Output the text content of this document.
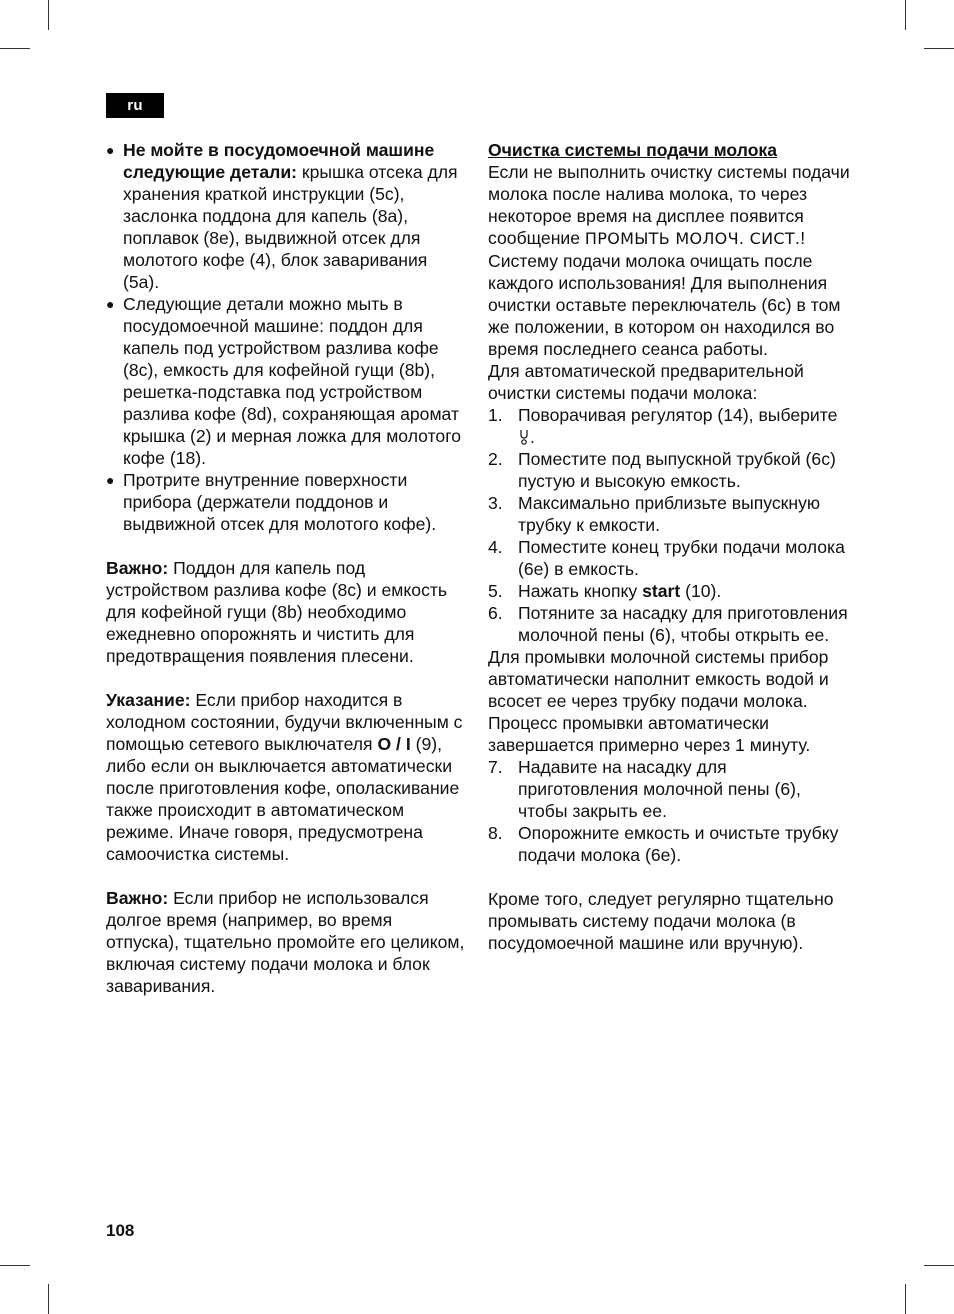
ru
● Не мойте в посудомоечной машине следующие детали: крышка отсека для хранения краткой инструкции (5c), заслонка поддона для капель (8a), поплавок (8e), выдвижной отсек для молотого кофе (4), блок заваривания (5a).
● Следующие детали можно мыть в посудомоечной машине: поддон для капель под устройством разлива кофе (8c), емкость для кофейной гущи (8b), решетка-подставка под устройством разлива кофе (8d), сохраняющая аромат крышка (2) и мерная ложка для молотого кофе (18).
● Протрите внутренние поверхности прибора (держатели поддонов и выдвижной отсек для молотого кофе).

Важно: Поддон для капель под устройством разлива кофе (8c) и емкость для кофейной гущи (8b) необходимо ежедневно опорожнять и чистить для предотвращения появления плесени.

Указание: Если прибор находится в холодном состоянии, будучи включенным с помощью сетевого выключателя O / I (9), либо если он выключается автоматически после приготовления кофе, ополаскивание также происходит в автоматическом режиме. Иначе говоря, предусмотрена самоочистка системы.

Важно: Если прибор не использовался долгое время (например, во время отпуска), тщательно промойте его целиком, включая систему подачи молока и блок заваривания.

Очистка системы подачи молока

Если не выполнить очистку системы подачи молока после налива молока, то через некоторое время на дисплее появится сообщение ПРОМЫТЬ МОЛОЧ. СИСТ.!

Систему подачи молока очищать после каждого использования! Для выполнения очистки оставьте переключатель (6c) в том же положении, в котором он находился во время последнего сеанса работы.

Для автоматической предварительной очистки системы подачи молока:

1. Поворачивая регулятор (14), выберите .
2. Поместите под выпускной трубкой (6c) пустую и высокую емкость.
3. Максимально приблизьте выпускную трубку к емкости.
4. Поместите конец трубки подачи молока (6e) в емкость.
5. Нажать кнопку start (10).
6. Потяните за насадку для приготовления молочной пены (6), чтобы открыть ее.

Для промывки молочной системы прибор автоматически наполнит емкость водой и всосет ее через трубку подачи молока. Процесс промывки автоматически завершается примерно через 1 минуту.

7. Надавите на насадку для приготовления молочной пены (6), чтобы закрыть ее.
8. Опорожните емкость и очистьте трубку подачи молока (6e).

Кроме того, следует регулярно тщательно промывать систему подачи молока (в посудомоечной машине или вручную).

108
